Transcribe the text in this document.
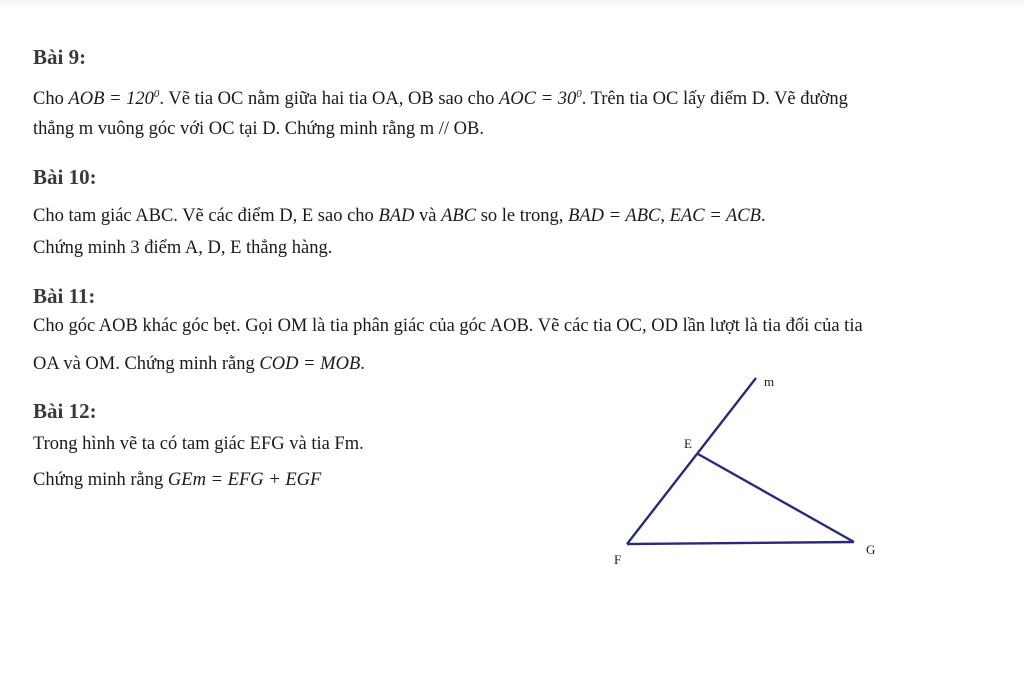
Bài 9:
Cho AOB = $120^0$. Vẽ tia OC nằm giữa hai tia OA, OB sao cho AOC = $30^0$. Trên tia OC lấy điểm D. Vẽ đường
thẳng m vuông góc với OC tại D. Chứng minh rằng m // OB.
Bài 10:
Cho tam giác ABC. Vẽ các điểm D, E sao cho BAD và ABC so le trong, BAD = ABC, EAC = ACB.
Chứng minh 3 điểm A, D, E thẳng hàng.
Bài 11:
Cho góc AOB khác góc bẹt. Gọi OM là tia phân giác của góc AOB. Vẽ các tia OC, OD lần lượt là tia đối của tia
OA và OM. Chứng minh rằng COD = MOB.
Bài 12:
Trong hình vẽ ta có tam giác EFG và tia Fm.
Chứng minh rằng GEm = EFG + EGF
m
E
F
G
